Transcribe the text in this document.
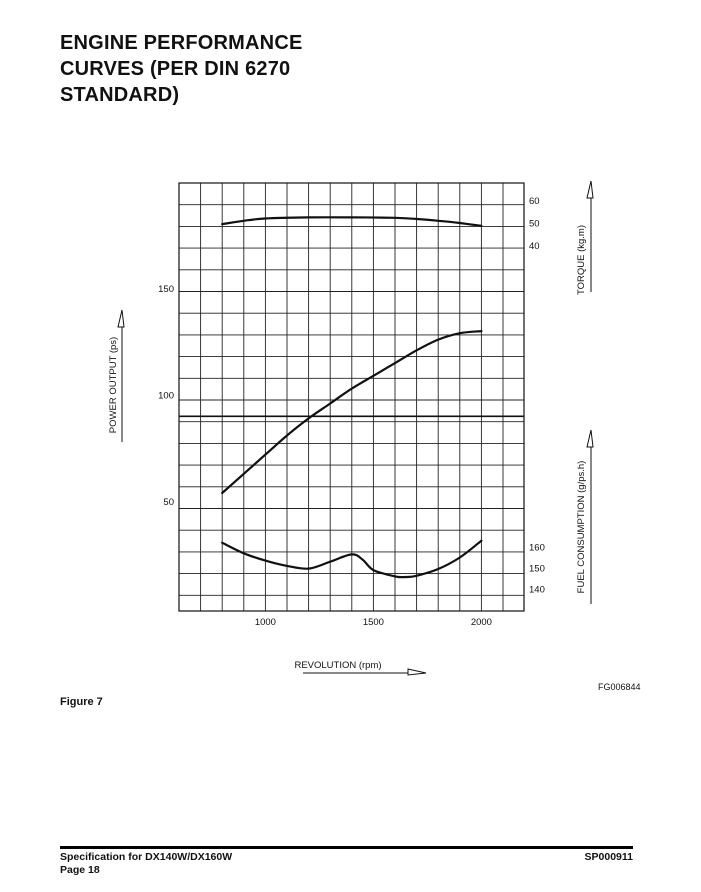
ENGINE PERFORMANCE
CURVES (PER DIN 6270
STANDARD)
1000	1500	2000
50
100
150
40
50
60
140
150
160
POWER OUTPUT (ps)
TORQUE (kg.m)
FUEL CONSUMPTION (g/ps.h)
REVOLUTION (rpm)
Figure 7
FG006844
Specification for DX140W/DX160W
Page 18
SP000911
